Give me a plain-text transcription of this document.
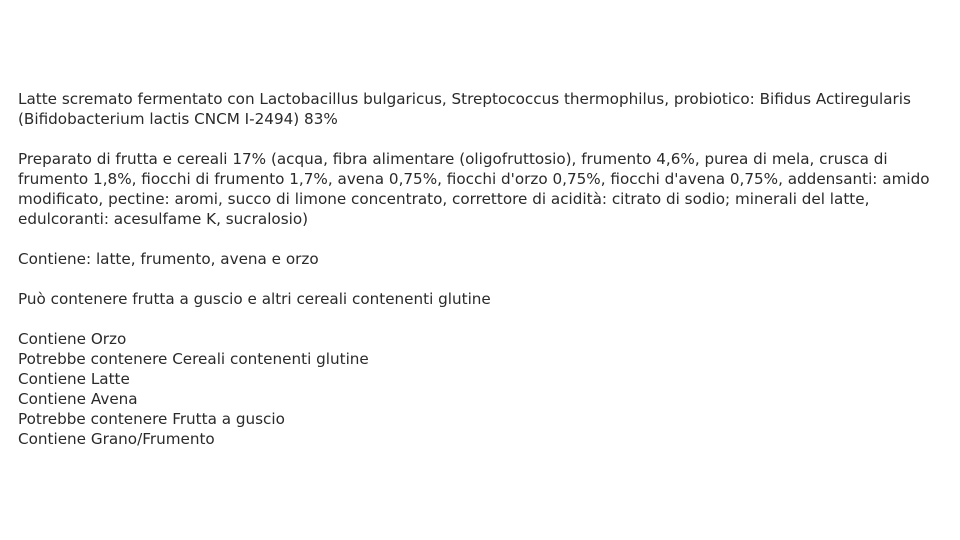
Latte scremato fermentato con Lactobacillus bulgaricus, Streptococcus thermophilus, probiotico: Bifidus Actiregularis (Bifidobacterium lactis CNCM I-2494) 83%

Preparato di frutta e cereali 17% (acqua, fibra alimentare (oligofruttosio), frumento 4,6%, purea di mela, crusca di frumento 1,8%, fiocchi di frumento 1,7%, avena 0,75%, fiocchi d'orzo 0,75%, fiocchi d'avena 0,75%, addensanti: amido modificato, pectine: aromi, succo di limone concentrato, correttore di acidità: citrato di sodio; minerali del latte, edulcoranti: acesulfame K, sucralosio)

Contiene: latte, frumento, avena e orzo

Può contenere frutta a guscio e altri cereali contenenti glutine

Contiene Orzo
Potrebbe contenere Cereali contenenti glutine
Contiene Latte
Contiene Avena
Potrebbe contenere Frutta a guscio
Contiene Grano/Frumento
